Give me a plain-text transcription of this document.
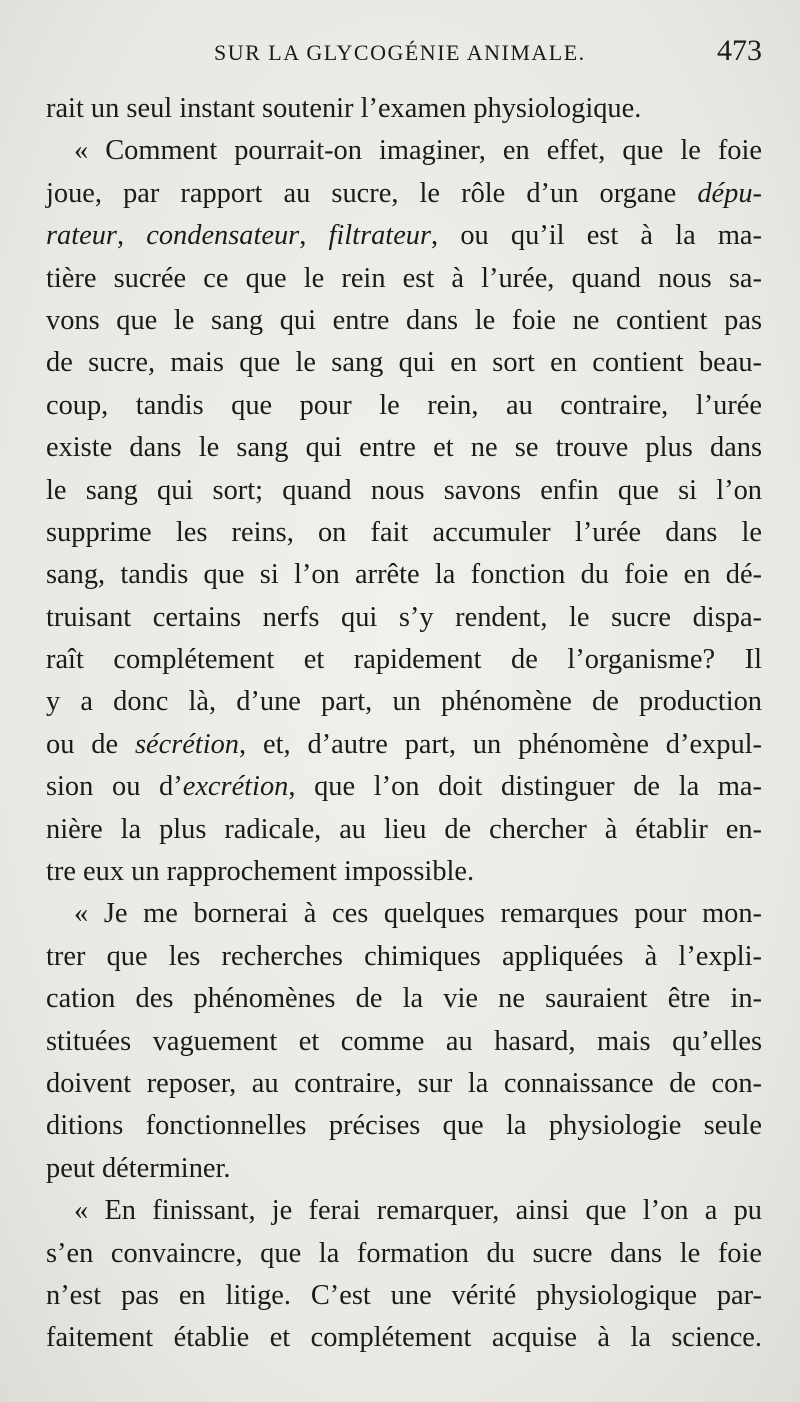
SUR LA GLYCOGÉNIE ANIMALE.	473
rait un seul instant soutenir l’examen physiologique.
« Comment pourrait-on imaginer, en effet, que le foie
joue, par rapport au sucre, le rôle d’un organe dépu-
rateur, condensateur, filtrateur, ou qu’il est à la ma-
tière sucrée ce que le rein est à l’urée, quand nous sa-
vons que le sang qui entre dans le foie ne contient pas
de sucre, mais que le sang qui en sort en contient beau-
coup, tandis que pour le rein, au contraire, l’urée
existe dans le sang qui entre et ne se trouve plus dans
le sang qui sort; quand nous savons enfin que si l’on
supprime les reins, on fait accumuler l’urée dans le
sang, tandis que si l’on arrête la fonction du foie en dé-
truisant certains nerfs qui s’y rendent, le sucre dispa-
raît complétement et rapidement de l’organisme? Il
y a donc là, d’une part, un phénomène de production
ou de sécrétion, et, d’autre part, un phénomène d’expul-
sion ou d’excrétion, que l’on doit distinguer de la ma-
nière la plus radicale, au lieu de chercher à établir en-
tre eux un rapprochement impossible.
« Je me bornerai à ces quelques remarques pour mon-
trer que les recherches chimiques appliquées à l’expli-
cation des phénomènes de la vie ne sauraient être in-
stituées vaguement et comme au hasard, mais qu’elles
doivent reposer, au contraire, sur la connaissance de con-
ditions fonctionnelles précises que la physiologie seule
peut déterminer.
« En finissant, je ferai remarquer, ainsi que l’on a pu
s’en convaincre, que la formation du sucre dans le foie
n’est pas en litige. C’est une vérité physiologique par-
faitement établie et complétement acquise à la science.
